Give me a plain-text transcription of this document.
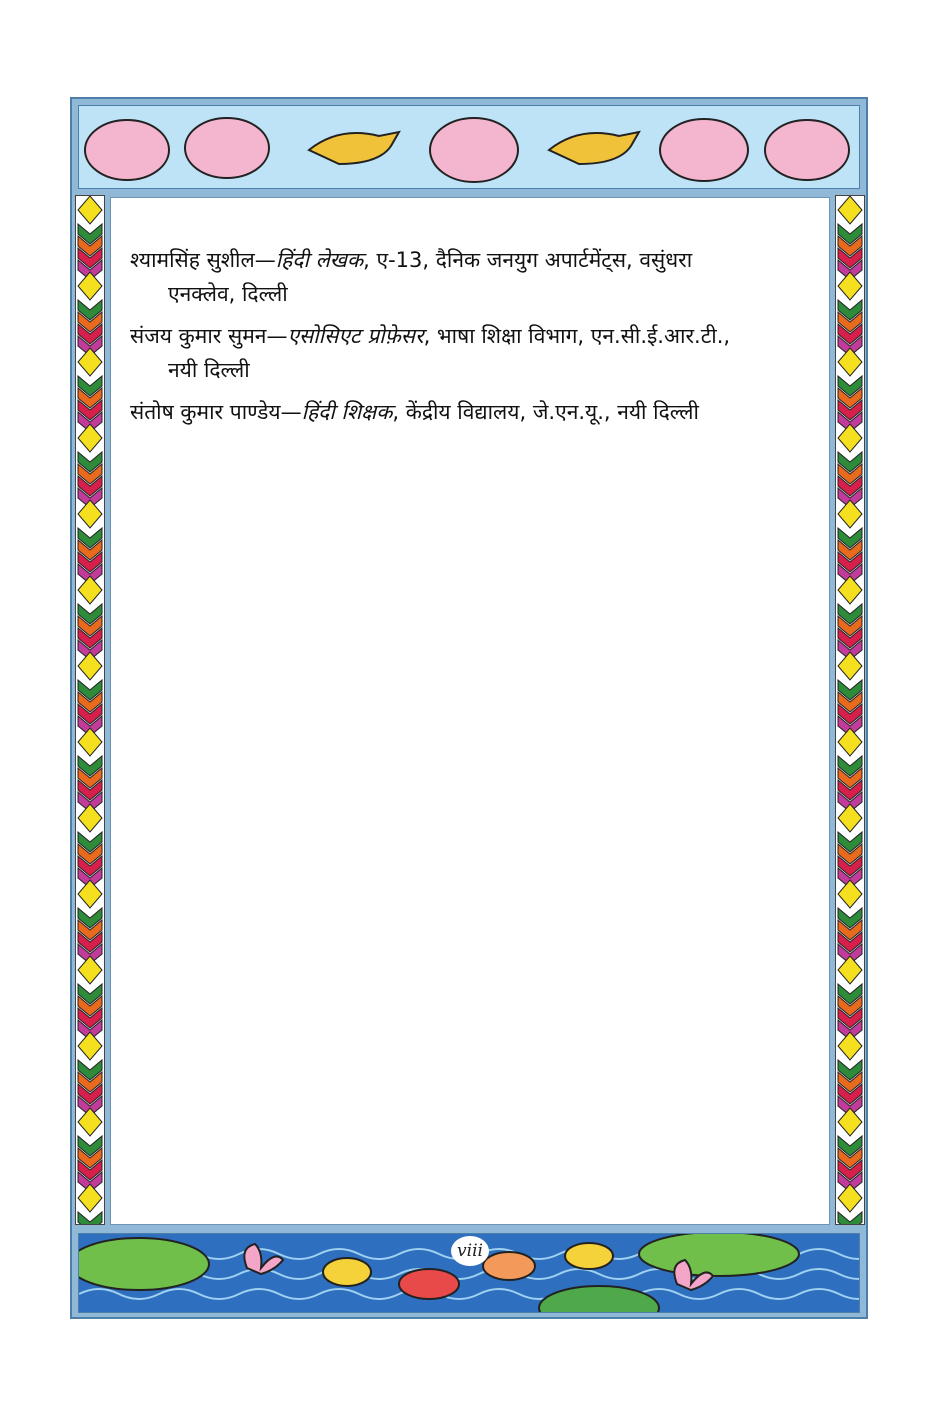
viii

श्यामसिंह सुशील—हिंदी लेखक, ए-13, दैनिक जनयुग अपार्टमेंट्स, वसुंधरा
एनक्लेव, दिल्ली

संजय कुमार सुमन—एसोसिएट प्रोफ़ेसर, भाषा शिक्षा विभाग, एन.सी.ई.आर.टी.,
नयी दिल्ली

संतोष कुमार पाण्डेय—हिंदी शिक्षक, केंद्रीय विद्यालय, जे.एन.यू., नयी दिल्ली
